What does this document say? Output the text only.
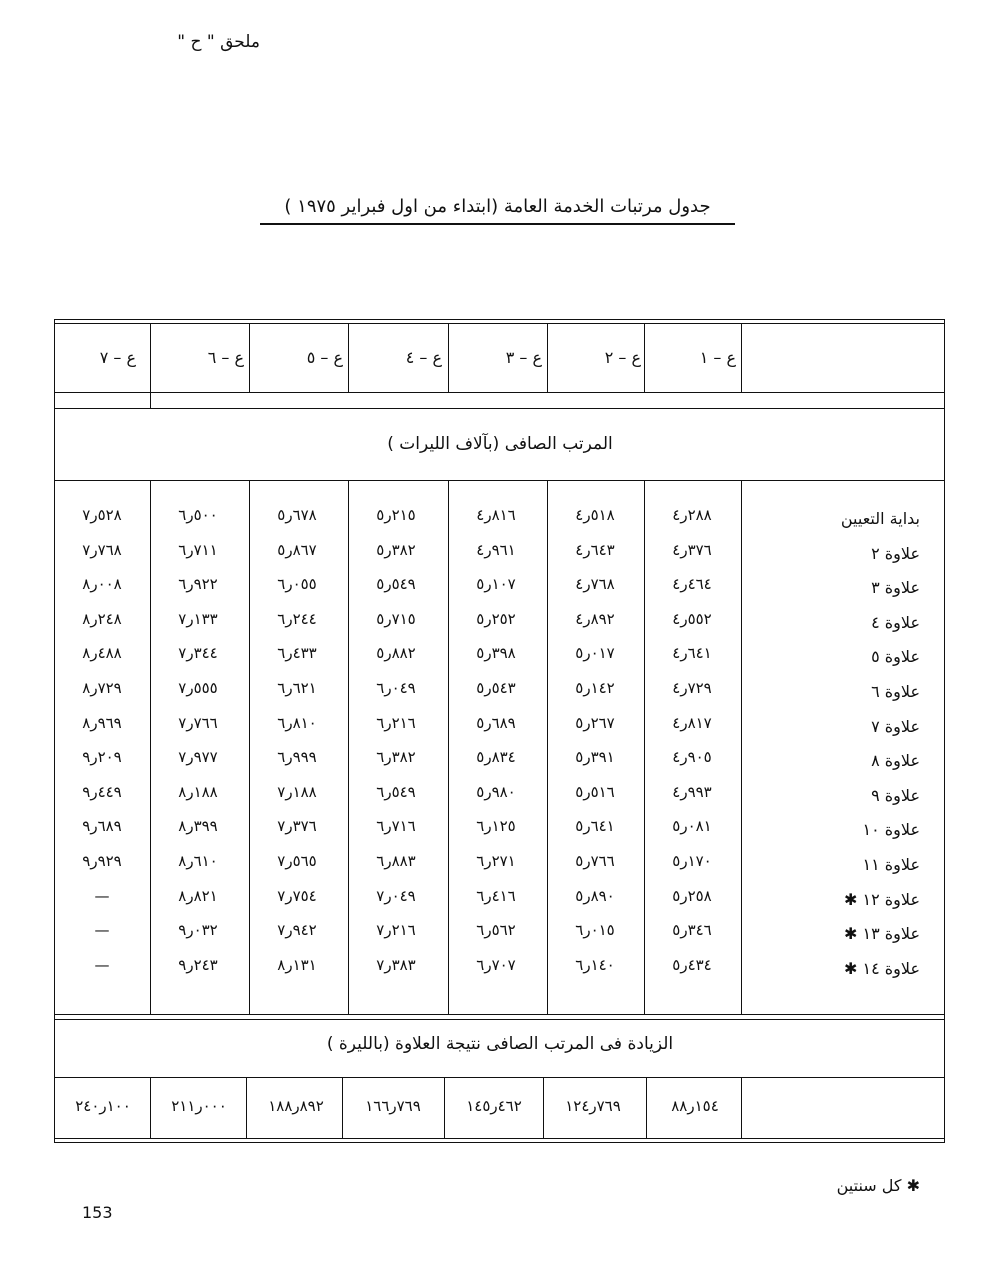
ملحق " ح "
جدول مرتبات الخدمة العامة (ابتداء من اول فبراير ١٩٧٥ )
ع – ١
ع – ٢
ع – ٣
ع – ٤
ع – ٥
ع – ٦
ع – ٧
المرتب الصافى (بآلاف الليرات )
بداية التعيين
٢٨٨ر٤
٥١٨ر٤
٨١٦ر٤
٢١٥ر٥
٦٧٨ر٥
٥٠٠ر٦
٥٢٨ر٧
علاوة ٢
٣٧٦ر٤
٦٤٣ر٤
٩٦١ر٤
٣٨٢ر٥
٨٦٧ر٥
٧١١ر٦
٧٦٨ر٧
علاوة ٣
٤٦٤ر٤
٧٦٨ر٤
١٠٧ر٥
٥٤٩ر٥
٠٥٥ر٦
٩٢٢ر٦
٠٠٨ر٨
علاوة ٤
٥٥٢ر٤
٨٩٢ر٤
٢٥٢ر٥
٧١٥ر٥
٢٤٤ر٦
١٣٣ر٧
٢٤٨ر٨
علاوة ٥
٦٤١ر٤
٠١٧ر٥
٣٩٨ر٥
٨٨٢ر٥
٤٣٣ر٦
٣٤٤ر٧
٤٨٨ر٨
علاوة ٦
٧٢٩ر٤
١٤٢ر٥
٥٤٣ر٥
٠٤٩ر٦
٦٢١ر٦
٥٥٥ر٧
٧٢٩ر٨
علاوة ٧
٨١٧ر٤
٢٦٧ر٥
٦٨٩ر٥
٢١٦ر٦
٨١٠ر٦
٧٦٦ر٧
٩٦٩ر٨
علاوة ٨
٩٠٥ر٤
٣٩١ر٥
٨٣٤ر٥
٣٨٢ر٦
٩٩٩ر٦
٩٧٧ر٧
٢٠٩ر٩
علاوة ٩
٩٩٣ر٤
٥١٦ر٥
٩٨٠ر٥
٥٤٩ر٦
١٨٨ر٧
١٨٨ر٨
٤٤٩ر٩
علاوة ١٠
٠٨١ر٥
٦٤١ر٥
١٢٥ر٦
٧١٦ر٦
٣٧٦ر٧
٣٩٩ر٨
٦٨٩ر٩
علاوة ١١
١٧٠ر٥
٧٦٦ر٥
٢٧١ر٦
٨٨٣ر٦
٥٦٥ر٧
٦١٠ر٨
٩٢٩ر٩
علاوة ١٢ ✱
٢٥٨ر٥
٨٩٠ر٥
٤١٦ر٦
٠٤٩ر٧
٧٥٤ر٧
٨٢١ر٨
—
علاوة ١٣ ✱
٣٤٦ر٥
٠١٥ر٦
٥٦٢ر٦
٢١٦ر٧
٩٤٢ر٧
٠٣٢ر٩
—
علاوة ١٤ ✱
٤٣٤ر٥
١٤٠ر٦
٧٠٧ر٦
٣٨٣ر٧
١٣١ر٨
٢٤٣ر٩
—
الزيادة فى المرتب الصافى نتيجة العلاوة (بالليرة )
١٥٤ر٨٨
٧٦٩ر١٢٤
٤٦٢ر١٤٥
٧٦٩ر١٦٦
٨٩٢ر١٨٨
٠٠٠ر٢١١
١٠٠ر٢٤٠
✱ كل سنتين
153
